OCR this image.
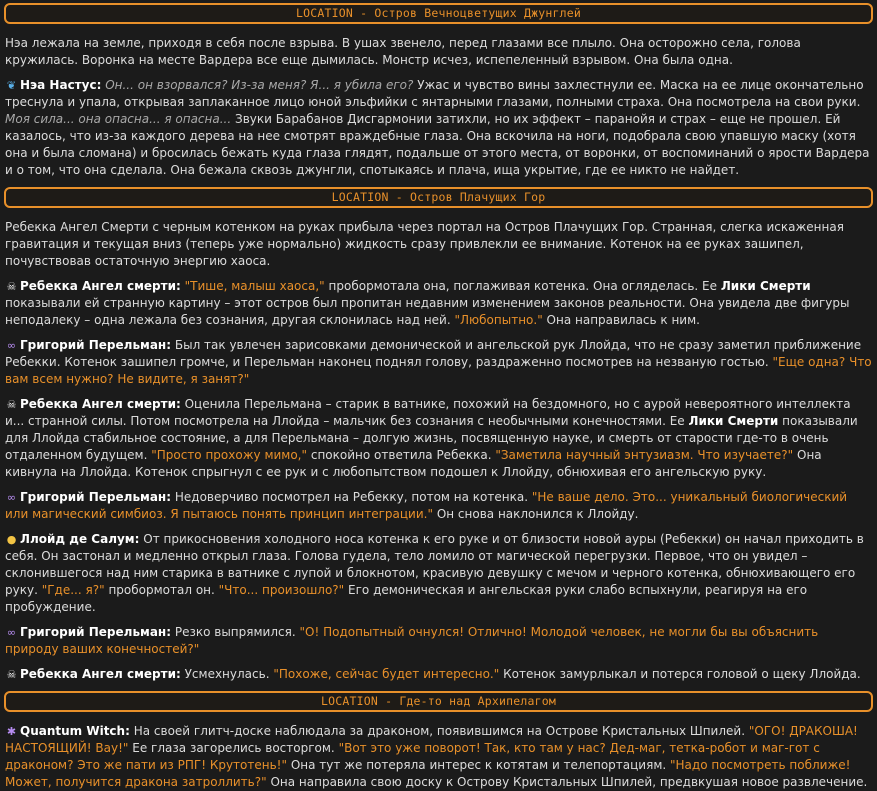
LOCATION - Остров Вечноцветущих Джунглей

Нэа лежала на земле, приходя в себя после взрыва. В ушах звенело, перед глазами все плыло. Она осторожно села, голова кружилась. Воронка на месте Вардера все еще дымилась. Монстр исчез, испепеленный взрывом. Она была одна.

❦ Нэа Настус: Он... он взорвался? Из-за меня? Я... я убила его? Ужас и чувство вины захлестнули ее. Маска на ее лице окончательно треснула и упала, открывая заплаканное лицо юной эльфийки с янтарными глазами, полными страха. Она посмотрела на свои руки. Моя сила... она опасна... я опасна... Звуки Барабанов Дисгармонии затихли, но их эффект – паранойя и страх – еще не прошел. Ей казалось, что из-за каждого дерева на нее смотрят враждебные глаза. Она вскочила на ноги, подобрала свою упавшую маску (хотя она и была сломана) и бросилась бежать куда глаза глядят, подальше от этого места, от воронки, от воспоминаний о ярости Вардера и о том, что она сделала. Она бежала сквозь джунгли, спотыкаясь и плача, ища укрытие, где ее никто не найдет.

LOCATION - Остров Плачущих Гор

Ребекка Ангел Смерти с черным котенком на руках прибыла через портал на Остров Плачущих Гор. Странная, слегка искаженная гравитация и текущая вниз (теперь уже нормально) жидкость сразу привлекли ее внимание. Котенок на ее руках зашипел, почувствовав остаточную энергию хаоса.

☠ Ребекка Ангел смерти: "Тише, малыш хаоса," пробормотала она, поглаживая котенка. Она огляделась. Ее Лики Смерти показывали ей странную картину – этот остров был пропитан недавним изменением законов реальности. Она увидела две фигуры неподалеку – одна лежала без сознания, другая склонилась над ней. "Любопытно." Она направилась к ним.

∞ Григорий Перельман: Был так увлечен зарисовками демонической и ангельской рук Ллойда, что не сразу заметил приближение Ребекки. Котенок зашипел громче, и Перельман наконец поднял голову, раздраженно посмотрев на незваную гостью. "Еще одна? Что вам всем нужно? Не видите, я занят?"

☠ Ребекка Ангел смерти: Оценила Перельмана – старик в ватнике, похожий на бездомного, но с аурой невероятного интеллекта и... странной силы. Потом посмотрела на Ллойда – мальчик без сознания с необычными конечностями. Ее Лики Смерти показывали для Ллойда стабильное состояние, а для Перельмана – долгую жизнь, посвященную науке, и смерть от старости где-то в очень отдаленном будущем. "Просто прохожу мимо," спокойно ответила Ребекка. "Заметила научный энтузиазм. Что изучаете?" Она кивнула на Ллойда. Котенок спрыгнул с ее рук и с любопытством подошел к Ллойду, обнюхивая его ангельскую руку.

∞ Григорий Перельман: Недоверчиво посмотрел на Ребекку, потом на котенка. "Не ваше дело. Это... уникальный биологический или магический симбиоз. Я пытаюсь понять принцип интеграции." Он снова наклонился к Ллойду.

● Ллойд де Салум: От прикосновения холодного носа котенка к его руке и от близости новой ауры (Ребекки) он начал приходить в себя. Он застонал и медленно открыл глаза. Голова гудела, тело ломило от магической перегрузки. Первое, что он увидел – склонившегося над ним старика в ватнике с лупой и блокнотом, красивую девушку с мечом и черного котенка, обнюхивающего его руку. "Где... я?" пробормотал он. "Что... произошло?" Его демоническая и ангельская руки слабо вспыхнули, реагируя на его пробуждение.

∞ Григорий Перельман: Резко выпрямился. "О! Подопытный очнулся! Отлично! Молодой человек, не могли бы вы объяснить природу ваших конечностей?"

☠ Ребекка Ангел смерти: Усмехнулась. "Похоже, сейчас будет интересно." Котенок замурлыкал и потерся головой о щеку Ллойда.

LOCATION - Где-то над Архипелагом

✱ Quantum Witch: На своей глитч-доске наблюдала за драконом, появившимся на Острове Кристальных Шпилей. "ОГО! ДРАКОША! НАСТОЯЩИЙ! Вау!" Ее глаза загорелись восторгом. "Вот это уже поворот! Так, кто там у нас? Дед-маг, тетка-робот и маг-гот с драконом? Это же пати из РПГ! Крутотень!" Она тут же потеряла интерес к котятам и телепортациям. "Надо посмотреть поближе! Может, получится дракона затроллить?" Она направила свою доску к Острову Кристальных Шпилей, предвкушая новое развлечение.
